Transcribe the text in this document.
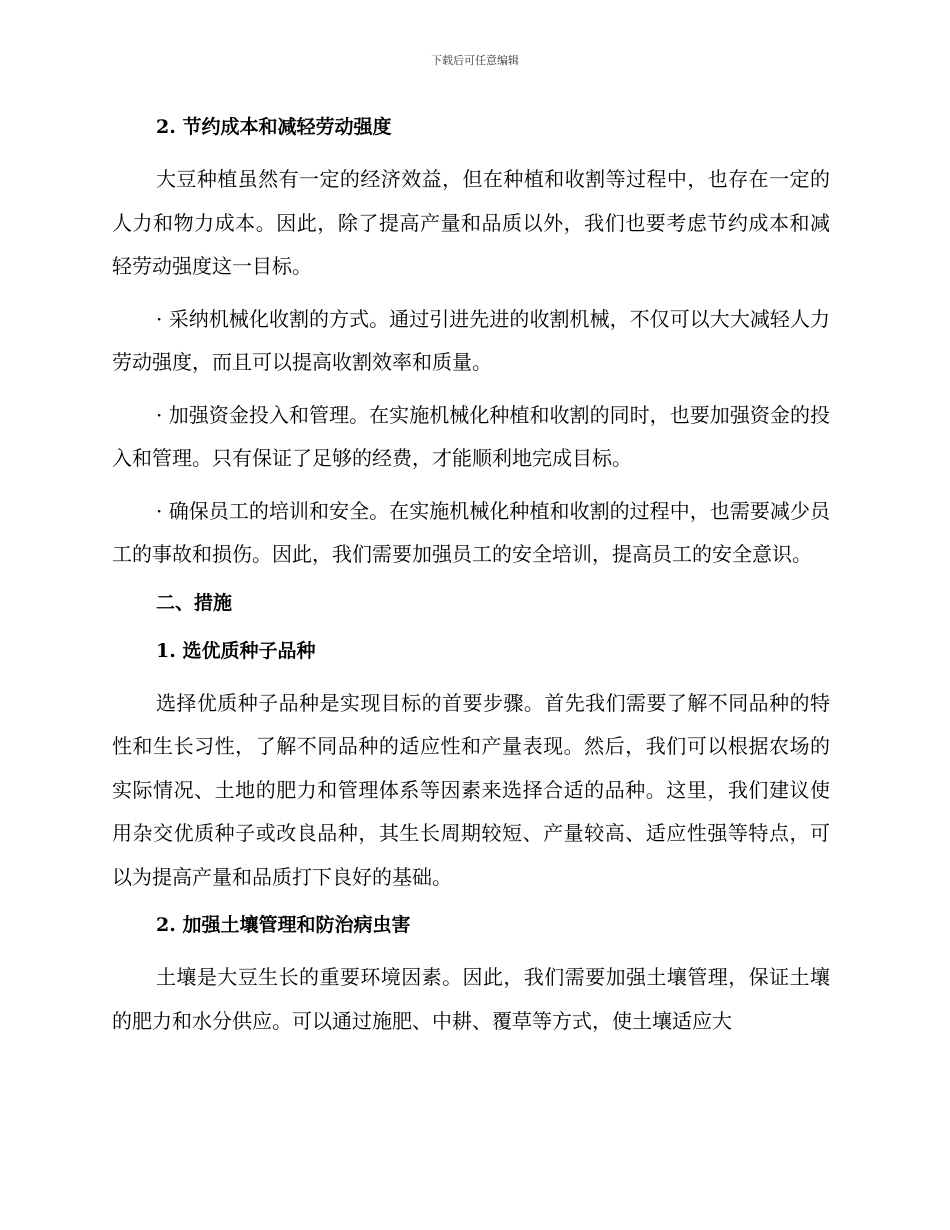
下载后可任意编辑
2. 节约成本和减轻劳动强度

大豆种植虽然有一定的经济效益，但在种植和收割等过程中，也存在一定的人力和物力成本。因此，除了提高产量和品质以外，我们也要考虑节约成本和减轻劳动强度这一目标。

· 采纳机械化收割的方式。通过引进先进的收割机械，不仅可以大大减轻人力劳动强度，而且可以提高收割效率和质量。

· 加强资金投入和管理。在实施机械化种植和收割的同时，也要加强资金的投入和管理。只有保证了足够的经费，才能顺利地完成目标。

· 确保员工的培训和安全。在实施机械化种植和收割的过程中，也需要减少员工的事故和损伤。因此，我们需要加强员工的安全培训，提高员工的安全意识。

二、措施
1. 选优质种子品种

选择优质种子品种是实现目标的首要步骤。首先我们需要了解不同品种的特性和生长习性，了解不同品种的适应性和产量表现。然后，我们可以根据农场的实际情况、土地的肥力和管理体系等因素来选择合适的品种。这里，我们建议使用杂交优质种子或改良品种，其生长周期较短、产量较高、适应性强等特点，可以为提高产量和品质打下良好的基础。

2. 加强土壤管理和防治病虫害

土壤是大豆生长的重要环境因素。因此，我们需要加强土壤管理，保证土壤的肥力和水分供应。可以通过施肥、中耕、覆草等方式，使土壤适应大
